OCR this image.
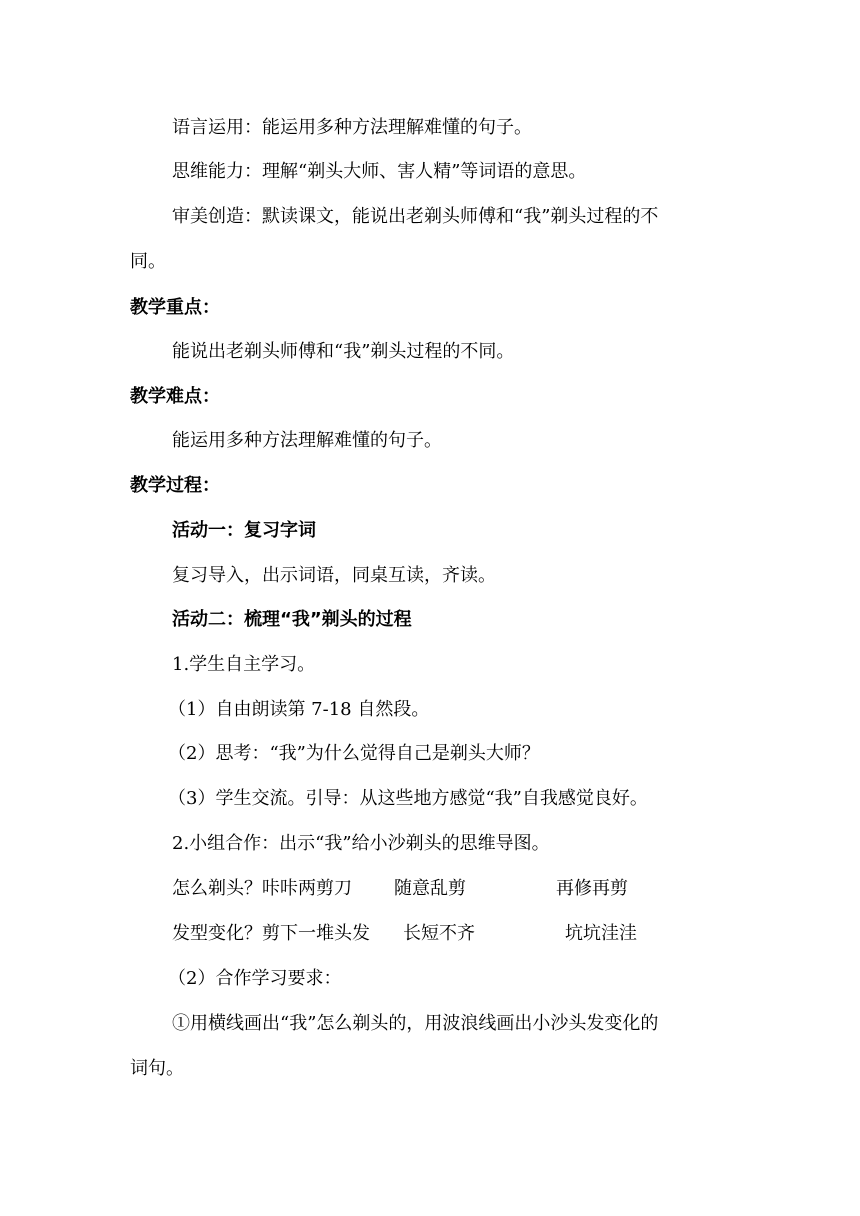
语言运用：能运用多种方法理解难懂的句子。
思维能力：理解“剃头大师、害人精”等词语的意思。
审美创造：默读课文，能说出老剃头师傅和“我”剃头过程的不
同。
教学重点：
能说出老剃头师傅和“我”剃头过程的不同。
教学难点：
能运用多种方法理解难懂的句子。
教学过程：
活动一：复习字词
复习导入，出示词语，同桌互读，齐读。
活动二：梳理“我”剃头的过程
1.学生自主学习。
（1）自由朗读第 7-18 自然段。
（2）思考：“我”为什么觉得自己是剃头大师？
（3）学生交流。引导：从这些地方感觉“我”自我感觉良好。
2.小组合作：出示“我”给小沙剃头的思维导图。
怎么剃头？咔咔两剪刀 随意乱剪	再修再剪
发型变化？剪下一堆头发 长短不齐	坑坑洼洼
（2）合作学习要求：
①用横线画出“我”怎么剃头的，用波浪线画出小沙头发变化的
词句。
